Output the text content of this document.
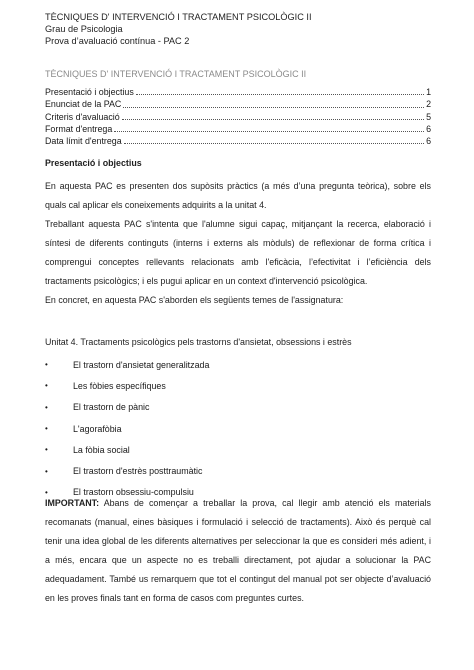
TÈCNIQUES D' INTERVENCIÓ I TRACTAMENT PSICOLÒGIC II
Grau de Psicologia
Prova d’avaluació contínua - PAC 2
TÈCNIQUES D' INTERVENCIÓ I TRACTAMENT PSICOLÒGIC II
Presentació i objectius	1
Enunciat de la PAC	2
Criteris d'avaluació	5
Format d'entrega	6
Data límit d'entrega	6
Presentació i objectius
En aquesta PAC es presenten dos supòsits pràctics (a més d’una pregunta teòrica), sobre els quals cal aplicar els coneixements adquirits a la unitat 4.
Treballant aquesta PAC s'intenta que l'alumne sigui capaç, mitjançant la recerca, elaboració i síntesi de diferents continguts (interns i externs als mòduls) de reflexionar de forma crítica i comprengui conceptes rellevants relacionats amb l'eficàcia, l’efectivitat i l’eficiència dels tractaments psicològics; i els pugui aplicar en un context d'intervenció psicològica.
En concret, en aquesta PAC s'aborden els següents temes de l'assignatura:
Unitat 4. Tractaments psicològics pels trastorns d'ansietat, obsessions i estrès
•	El trastorn d'ansietat generalitzada
•	Les fòbies específiques
•	El trastorn de pànic
•	L'agorafòbia
•	La fòbia social
•	El trastorn d'estrès posttraumàtic
•	El trastorn obsessiu-compulsiu
IMPORTANT: Abans de començar a treballar la prova, cal llegir amb atenció els materials recomanats (manual, eines bàsiques i formulació i selecció de tractaments). Això és perquè cal tenir una idea global de les diferents alternatives per seleccionar la que es consideri més adient, i a més, encara que un aspecte no es treballi directament, pot ajudar a solucionar la PAC adequadament. També us remarquem que tot el contingut del manual pot ser objecte d’avaluació en les proves finals tant en forma de casos com preguntes curtes.
